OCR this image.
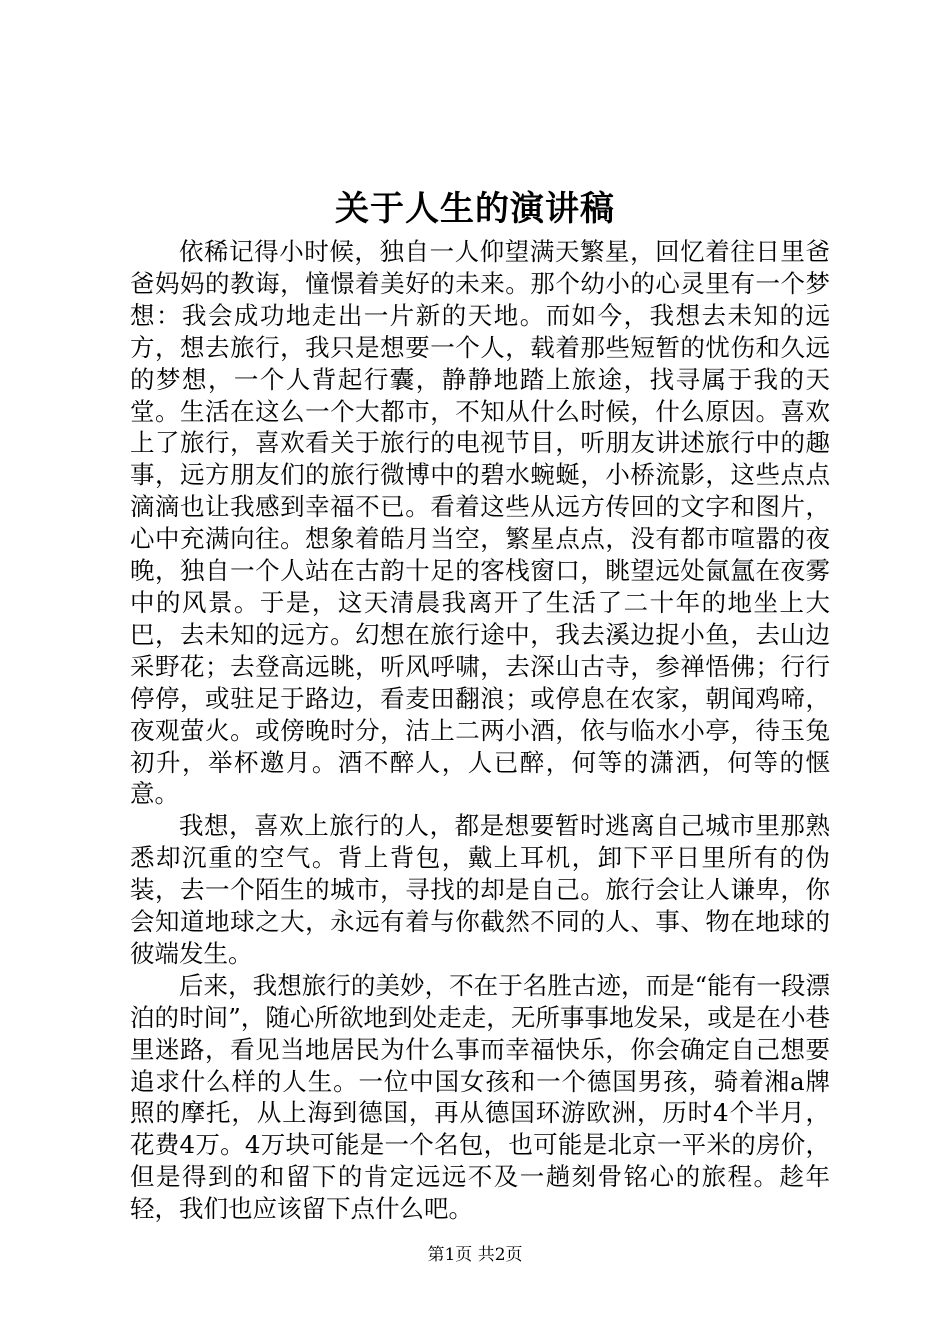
关于人生的演讲稿

依稀记得小时候，独自一人仰望满天繁星，回忆着往日里爸爸妈妈的教诲，憧憬着美好的未来。那个幼小的心灵里有一个梦想：我会成功地走出一片新的天地。而如今，我想去未知的远方，想去旅行，我只是想要一个人，载着那些短暂的忧伤和久远的梦想，一个人背起行囊，静静地踏上旅途，找寻属于我的天堂。生活在这么一个大都市，不知从什么时候，什么原因。喜欢上了旅行，喜欢看关于旅行的电视节目，听朋友讲述旅行中的趣事，远方朋友们的旅行微博中的碧水蜿蜒，小桥流影，这些点点滴滴也让我感到幸福不已。看着这些从远方传回的文字和图片，心中充满向往。想象着皓月当空，繁星点点，没有都市喧嚣的夜晚，独自一个人站在古韵十足的客栈窗口，眺望远处氤氲在夜雾中的风景。于是，这天清晨我离开了生活了二十年的地坐上大巴，去未知的远方。幻想在旅行途中，我去溪边捉小鱼，去山边采野花；去登高远眺，听风呼啸，去深山古寺，参禅悟佛；行行停停，或驻足于路边，看麦田翻浪；或停息在农家，朝闻鸡啼，夜观萤火。或傍晚时分，沽上二两小酒，依与临水小亭，待玉兔初升，举杯邀月。酒不醉人，人已醉，何等的潇洒，何等的惬意。

我想，喜欢上旅行的人，都是想要暂时逃离自己城市里那熟悉却沉重的空气。背上背包，戴上耳机，卸下平日里所有的伪装，去一个陌生的城市，寻找的却是自己。旅行会让人谦卑，你会知道地球之大，永远有着与你截然不同的人、事、物在地球的彼端发生。

后来，我想旅行的美妙，不在于名胜古迹，而是“能有一段漂泊的时间”，随心所欲地到处走走，无所事事地发呆，或是在小巷里迷路，看见当地居民为什么事而幸福快乐，你会确定自己想要追求什么样的人生。一位中国女孩和一个德国男孩，骑着湘a牌照的摩托，从上海到德国，再从德国环游欧洲，历时4个半月，花费4万。4万块可能是一个名包，也可能是北京一平米的房价，但是得到的和留下的肯定远远不及一趟刻骨铭心的旅程。趁年轻，我们也应该留下点什么吧。

第1页 共2页
